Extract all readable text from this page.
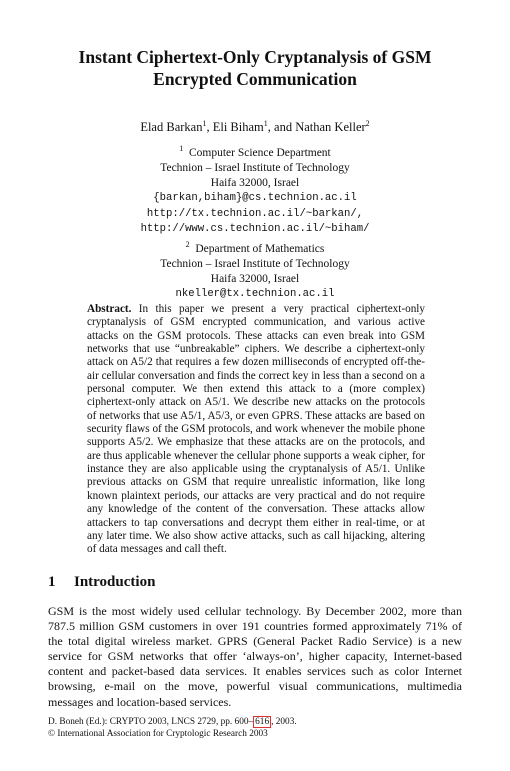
Instant Ciphertext-Only Cryptanalysis of GSM
Encrypted Communication
Elad Barkan$^1$, Eli Biham$^1$, and Nathan Keller$^2$
$^1$ Computer Science Department
Technion – Israel Institute of Technology
Haifa 32000, Israel
{barkan,biham}@cs.technion.ac.il
http://tx.technion.ac.il/~barkan/,
http://www.cs.technion.ac.il/~biham/
$^2$ Department of Mathematics
Technion – Israel Institute of Technology
Haifa 32000, Israel
nkeller@tx.technion.ac.il
Abstract. In this paper we present a very practical ciphertext-only cryptanalysis of GSM encrypted communication, and various active attacks on the GSM protocols. These attacks can even break into GSM networks that use “unbreakable” ciphers. We describe a ciphertext-only attack on A5/2 that requires a few dozen milliseconds of encrypted off-the-air cellular conversation and finds the correct key in less than a second on a personal computer. We then extend this attack to a (more complex) ciphertext-only attack on A5/1. We describe new attacks on the protocols of networks that use A5/1, A5/3, or even GPRS. These attacks are based on security flaws of the GSM protocols, and work whenever the mobile phone supports A5/2. We emphasize that these attacks are on the protocols, and are thus applicable whenever the cellular phone supports a weak cipher, for instance they are also applicable using the cryptanalysis of A5/1. Unlike previous attacks on GSM that require unrealistic information, like long known plaintext periods, our attacks are very practical and do not require any knowledge of the content of the conversation. These attacks allow attackers to tap conversations and decrypt them either in real-time, or at any later time. We also show active attacks, such as call hijacking, altering of data messages and call theft.
1 Introduction
GSM is the most widely used cellular technology. By December 2002, more than 787.5 million GSM customers in over 191 countries formed approximately 71% of the total digital wireless market. GPRS (General Packet Radio Service) is a new service for GSM networks that offer ‘always-on’, higher capacity, Internet-based content and packet-based data services. It enables services such as color Internet browsing, e-mail on the move, powerful visual communications, multimedia messages and location-based services.
D. Boneh (Ed.): CRYPTO 2003, LNCS 2729, pp. 600– 616 , 2003.
© International Association for Cryptologic Research 2003
